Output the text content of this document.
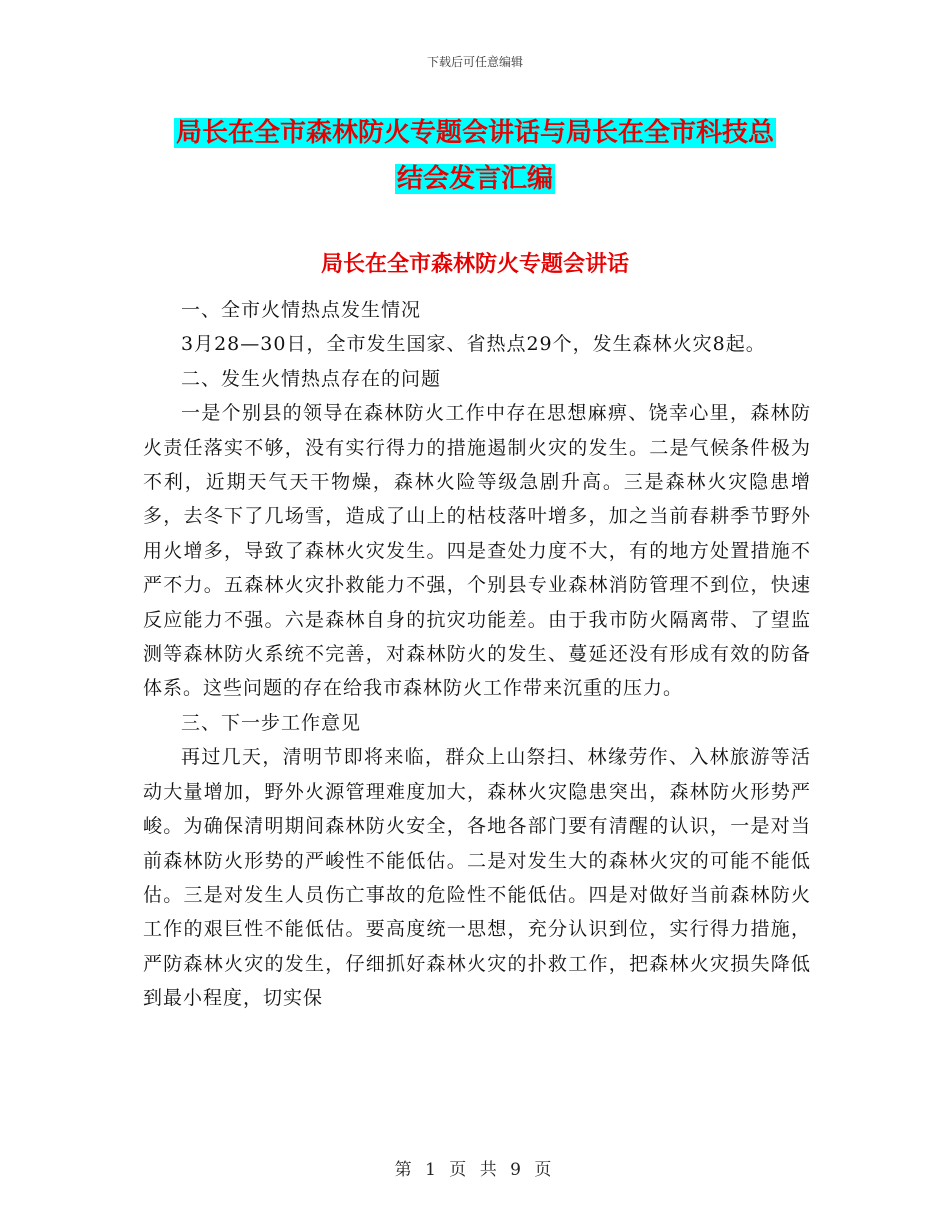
下载后可任意编辑
局长在全市森林防火专题会讲话与局长在全市科技总
结会发言汇编
局长在全市森林防火专题会讲话

一、全市火情热点发生情况

3月28—30日，全市发生国家、省热点29个，发生森林火灾8起。

二、发生火情热点存在的问题

一是个别县的领导在森林防火工作中存在思想麻痹、饶幸心里，森林防火责任落实不够，没有实行得力的措施遏制火灾的发生。二是气候条件极为不利，近期天气天干物燥，森林火险等级急剧升高。三是森林火灾隐患增多，去冬下了几场雪，造成了山上的枯枝落叶增多，加之当前春耕季节野外用火增多，导致了森林火灾发生。四是查处力度不大，有的地方处置措施不严不力。五森林火灾扑救能力不强，个别县专业森林消防管理不到位，快速反应能力不强。六是森林自身的抗灾功能差。由于我市防火隔离带、了望监测等森林防火系统不完善，对森林防火的发生、蔓延还没有形成有效的防备体系。这些问题的存在给我市森林防火工作带来沉重的压力。

三、下一步工作意见

再过几天，清明节即将来临，群众上山祭扫、林缘劳作、入林旅游等活动大量增加，野外火源管理难度加大，森林火灾隐患突出，森林防火形势严峻。为确保清明期间森林防火安全，各地各部门要有清醒的认识，一是对当前森林防火形势的严峻性不能低估。二是对发生大的森林火灾的可能不能低估。三是对发生人员伤亡事故的危险性不能低估。四是对做好当前森林防火工作的艰巨性不能低估。要高度统一思想，充分认识到位，实行得力措施，严防森林火灾的发生，仔细抓好森林火灾的扑救工作，把森林火灾损失降低到最小程度，切实保

第 1 页 共 9 页
